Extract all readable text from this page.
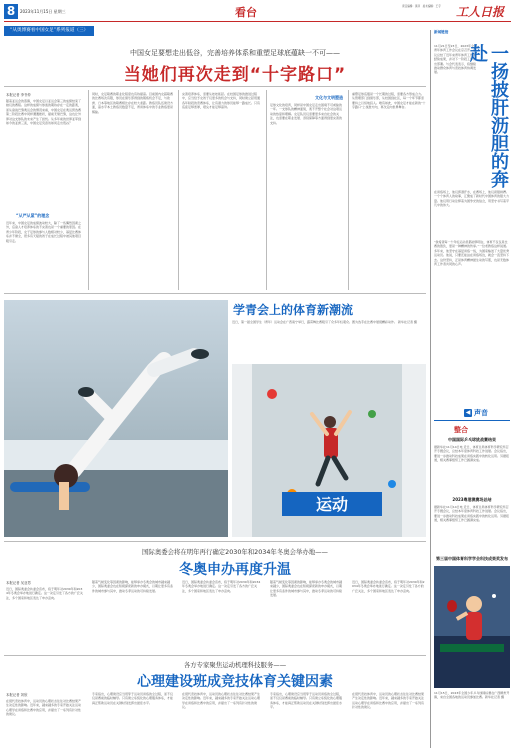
8	2023年11月15日 星期三	看台	责任编辑：黄河   美术编辑：王宇	工人日报
“从奥博赛看中国女足”系列报道（三）
中国女足要想走出低谷，完善培养体系和重塑足球底蕴缺一不可——
当她们再次走到“十字路口”
本报记者 李书仲
随着亚运会的落幕，中国女足以亚运会第三的成绩结束了她们的赛程。这样的成绩与球迷的期待存在一定的距离，而从备战巴黎奥运会的情况来看，中国女足在奥运预选赛第二阶段比赛中同样遭遇挫折，提前无缘巴黎，这也让外界对这支球队的未来产生了担忧。从多年前的世界亚军到如今的亚洲三流，中国女足究竟该如何走出低谷？
“从严从紧”的理念
近年来，中国女足的成绩波动较大，除了一些偶然因素之外，后备人才培养体系的不完善也是一个重要的原因。在青少年阶段，女子足球的参与人数相对较少，基层比赛体系并不健全，很多有天赋的孩子在成长过程中被其他项目吸引走。
同时，女足联赛的职业化程度也有待提高。目前国内女超联赛的比赛场次有限，球员在俱乐部得到的锻炼机会不足，与欧洲、日本等地区的联赛相比存在较大差距。教练员队伍建设方面，高水平本土教练员数量不足，青训体系中的专业教练更是稀缺。
完善培养体系，需要从娃娃抓起。在校园足球的推进过程中，应当给予女孩子们更多的机会与支持，同时建立起贯通各年龄段的竞赛体系，让有潜力的球员能够一路成长。只有底座足够宽厚，塔尖才能足够高耸。
文化与文明塑造
足球文化的培育，同样是中国女足走出困境不可或缺的一环。一支球队的精神面貌，离不开整个社会对这项运动的热爱和理解。女足队员们需要更多来自社会的关注，也需要在职业发展、退役保障等方面得到更完善的支持。
重塑足球底蕴是一个长期的过程，需要各方形成合力。从管理部门到俱乐部，从校园到社区，每一个环节都需要持之以恒地投入。唯有如此，中国女足才能在新的“十字路口”上找准方向，再次走向世界舞台。
新闻链接
11月21日至23日，2023年全国青年体育工作会议在京召开。会议总结了近年来青年体育工作的经验成果，并对下一阶段工作作出部署。与会代表表示，将继续推动群众体育与竞技体育协调发展。	一扬披肝沥胆的奔赴
在训练场上，他们挥洒汗水，在赛场上，他们顽强拼搏。一个个体育人的故事，汇聚成了新时代中国体育的强大力量。他们用行动诠释着为国争光的信念，用坚守书写着平凡中的伟大。
“我希望每一个年轻运动员都能够明白，体育不仅仅是比赛的胜负，更是一种精神的传承。”一位老教练这样说道。多年来，他坚守在基层训练一线，为国家输送了大量优秀运动员。他说，只要还能站在训练场边，就会一直坚持下去。这份坚持，正是体育精神最生动的写照，也是无数体育工作者共同的心声。
◀ 声音
整合
中国国际乒乓球挑战赛结束
据新华社11月14日电 近日，体育总局体育科学研究所召开专题会议，总结本年度体育科技工作进展。会议指出，要进一步推动科技成果在训练实践中的转化运用。另据报道，相关赛事组织工作已圆满完成。
2023粤港澳赛场总结
据新华社11月14日电 近日，体育总局体育科学研究所召开专题会议，总结本年度体育科技工作进展。会议指出，要进一步推动科技成果在训练实践中的转化运用。另据报道，相关赛事组织工作已圆满完成。
第三届中国体育科学学会科技成果奖发布
11月15日，2023年全国少年乒乓球锦标赛在广西柳州开幕，来自全国各地的运动员参加比赛。新华社记者 摄
学青会上的体育新潮流
近日，第一届全国学生（青年）运动会在广西南宁举行，霹雳舞比赛吸引了众多年轻观众。图为选手在比赛中展现精彩动作。 新华社记者 摄
运动
国际奥委会将在明年再行确定2030年和2034年冬奥会举办地——
冬奥申办再度升温
本报记者 吴亚男
近日，国际奥委会执委会宣布，将于明年对2030年和2034年冬奥会举办地进行确定。这一决定引发了各方的广泛关注，多个国家和地区表达了申办意向。
随着气候变化等因素的影响，能够承办冬奥会的城市越来越少，国际奥委会也在积极探索新的申办模式，以期让更多有条件的城市参与其中，推动冬季运动的可持续发展。
近日，国际奥委会执委会宣布，将于明年对2030年和2034年冬奥会举办地进行确定。这一决定引发了各方的广泛关注，多个国家和地区表达了申办意向。
随着气候变化等因素的影响，能够承办冬奥会的城市越来越少，国际奥委会也在积极探索新的申办模式，以期让更多有条件的城市参与其中，推动冬季运动的可持续发展。
近日，国际奥委会执委会宣布，将于明年对2030年和2034年冬奥会举办地进行确定。这一决定引发了各方的广泛关注，多个国家和地区表达了申办意向。
各方专家聚焦运动机理科技服务——
心理建设班成竞技体育关键因素
本报记者 刘欣
在现代竞技体育中，运动员的心理状态往往对比赛结果产生决定性的影响。近年来，越来越多的专家开始关注运动心理学在训练和比赛中的应用，并提出了一系列有针对性的建议。
专家指出，心理建设应当贯穿于运动员训练的全过程，而不仅仅是赛前的临时辅导。只有建立系统化的心理服务体系，才能真正帮助运动员在关键时刻发挥出最佳水平。
在现代竞技体育中，运动员的心理状态往往对比赛结果产生决定性的影响。近年来，越来越多的专家开始关注运动心理学在训练和比赛中的应用，并提出了一系列有针对性的建议。
专家指出，心理建设应当贯穿于运动员训练的全过程，而不仅仅是赛前的临时辅导。只有建立系统化的心理服务体系，才能真正帮助运动员在关键时刻发挥出最佳水平。
在现代竞技体育中，运动员的心理状态往往对比赛结果产生决定性的影响。近年来，越来越多的专家开始关注运动心理学在训练和比赛中的应用，并提出了一系列有针对性的建议。
